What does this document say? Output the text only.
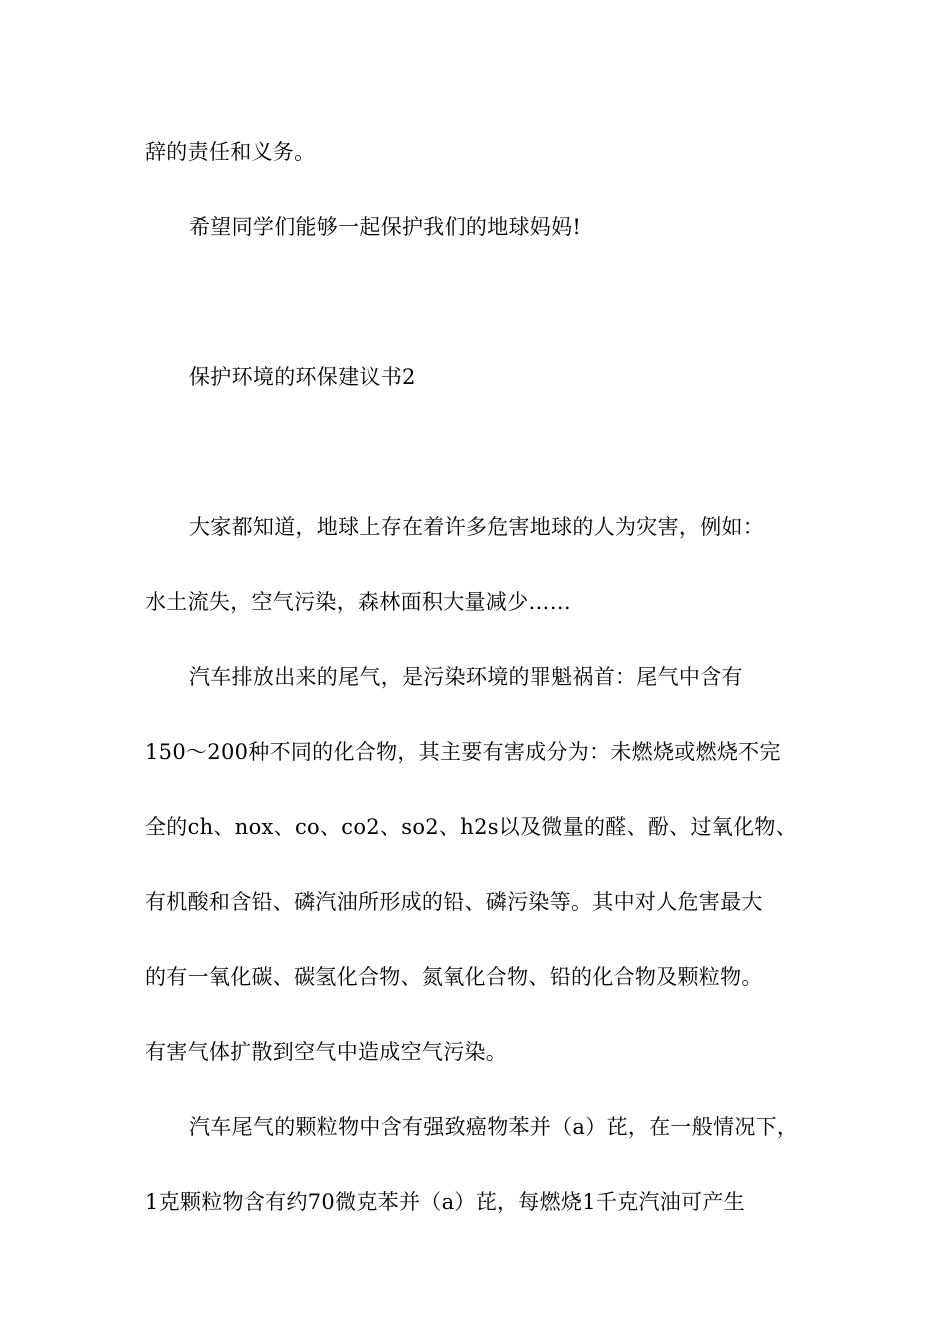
辞的责任和义务。
希望同学们能够一起保护我们的地球妈妈!
保护环境的环保建议书2
大家都知道，地球上存在着许多危害地球的人为灾害，例如：
水土流失，空气污染，森林面积大量减少……
汽车排放出来的尾气，是污染环境的罪魁祸首：尾气中含有
150～200种不同的化合物，其主要有害成分为：未燃烧或燃烧不完
全的ch、nox、co、co2、so2、h2s以及微量的醛、酚、过氧化物、
有机酸和含铅、磷汽油所形成的铅、磷污染等。其中对人危害最大
的有一氧化碳、碳氢化合物、氮氧化合物、铅的化合物及颗粒物。
有害气体扩散到空气中造成空气污染。
汽车尾气的颗粒物中含有强致癌物苯并（a）芘，在一般情况下，
1克颗粒物含有约70微克苯并（a）芘，每燃烧1千克汽油可产生
